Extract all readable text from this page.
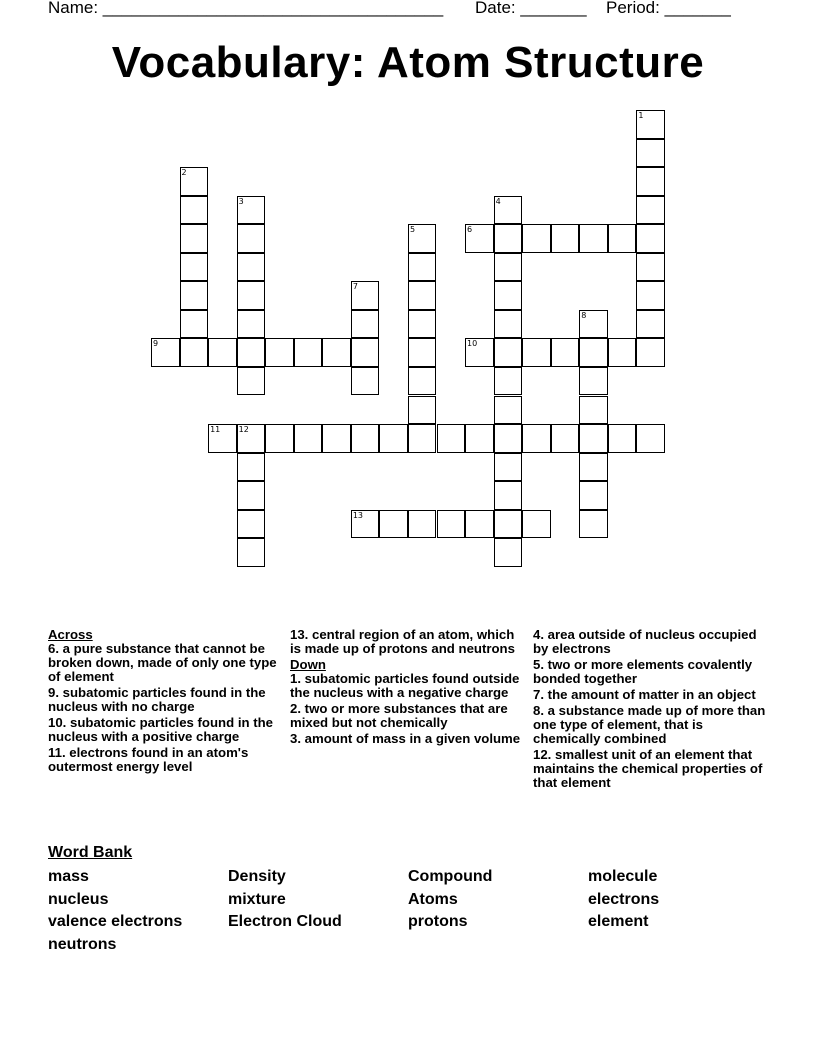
Name: ____________________________________ Date: _______ Period: _______
Vocabulary: Atom Structure
6
9	10
11 12
13
1
2
3	4
5
7
8
Across
6. a pure substance that cannot be broken down, made of only one type of element
9. subatomic particles found in the nucleus with no charge
10. subatomic particles found in the nucleus with a positive charge
11. electrons found in an atom's outermost energy level
13. central region of an atom, which is made up of protons and neutrons
Down
1. subatomic particles found outside the nucleus with a negative charge
2. two or more substances that are mixed but not chemically
3. amount of mass in a given volume
4. area outside of nucleus occupied by electrons
5. two or more elements covalently bonded together
7. the amount of matter in an object
8. a substance made up of more than one type of element, that is chemically combined
12. smallest unit of an element that maintains the chemical properties of that element
Word Bank
mass	Density	Compound	molecule
nucleus	mixture	Atoms	electrons
valence electrons	Electron Cloud	protons	element
neutrons
